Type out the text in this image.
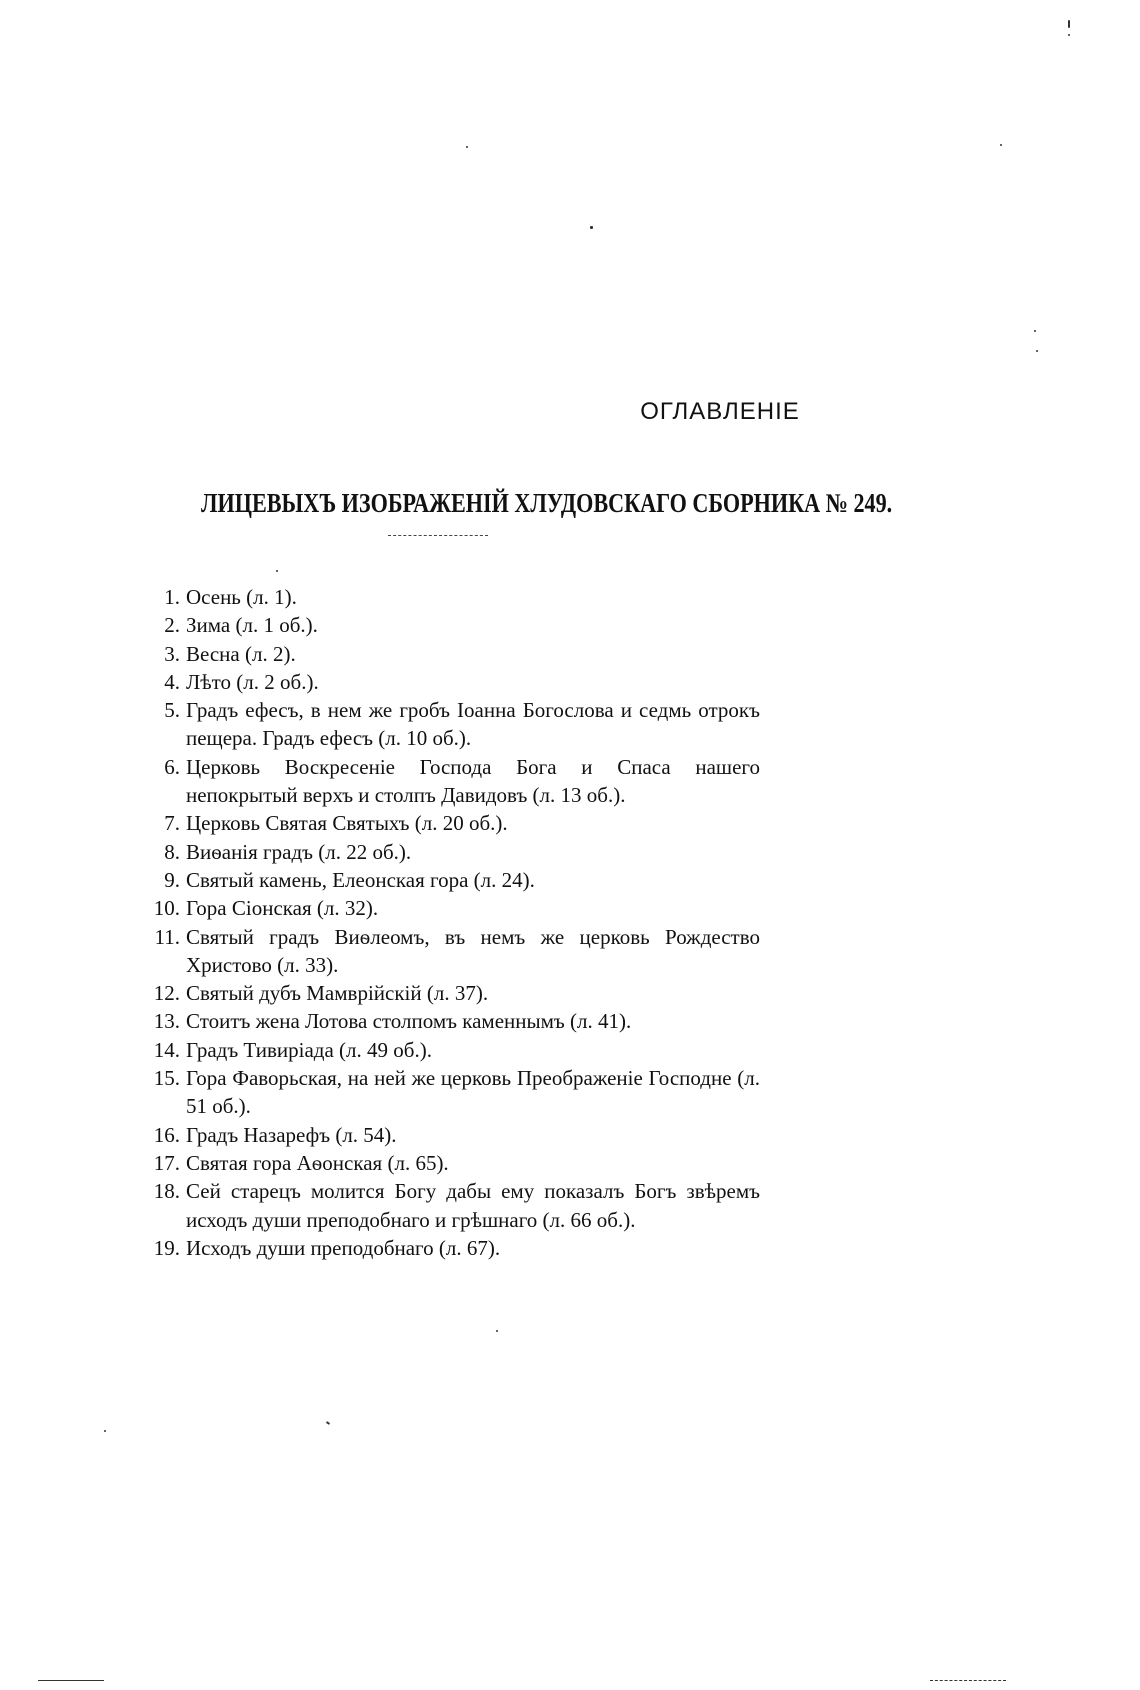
ОГЛАВЛЕНІЕ
ЛИЦЕВЫХЪ ИЗОБРАЖЕНІЙ ХЛУДОВСКАГО СБОРНИКА № 249.
1. Осень (л. 1).
2. Зима (л. 1 об.).
3. Весна (л. 2).
4. Лѣто (л. 2 об.).
5. Градъ ефесъ, в нем же гробъ Іоанна Богослова и седмь отрокъ пещера. Градъ ефесъ (л. 10 об.).
6. Церковь Воскресеніе Господа Бога и Спаса нашего непокрытый верхъ и столпъ Давидовъ (л. 13 об.).
7. Церковь Святая Святыхъ (л. 20 об.).
8. Виѳанія градъ (л. 22 об.).
9. Святый камень, Елеонская гора (л. 24).
10. Гора Сіонская (л. 32).
11. Святый градъ Виѳлеомъ, въ немъ же церковь Рождество Христово (л. 33).
12. Святый дубъ Мамврійскій (л. 37).
13. Стоитъ жена Лотова столпомъ каменнымъ (л. 41).
14. Градъ Тивиріада (л. 49 об.).
15. Гора Фаворьская, на ней же церковь Преображеніе Господне (л. 51 об.).
16. Градъ Назарефъ (л. 54).
17. Святая гора Аѳонская (л. 65).
18. Сей старецъ молится Богу дабы ему показалъ Богъ звѣремъ исходъ души преподобнаго и грѣшнаго (л. 66 об.).
19. Исходъ души преподобнаго (л. 67).
